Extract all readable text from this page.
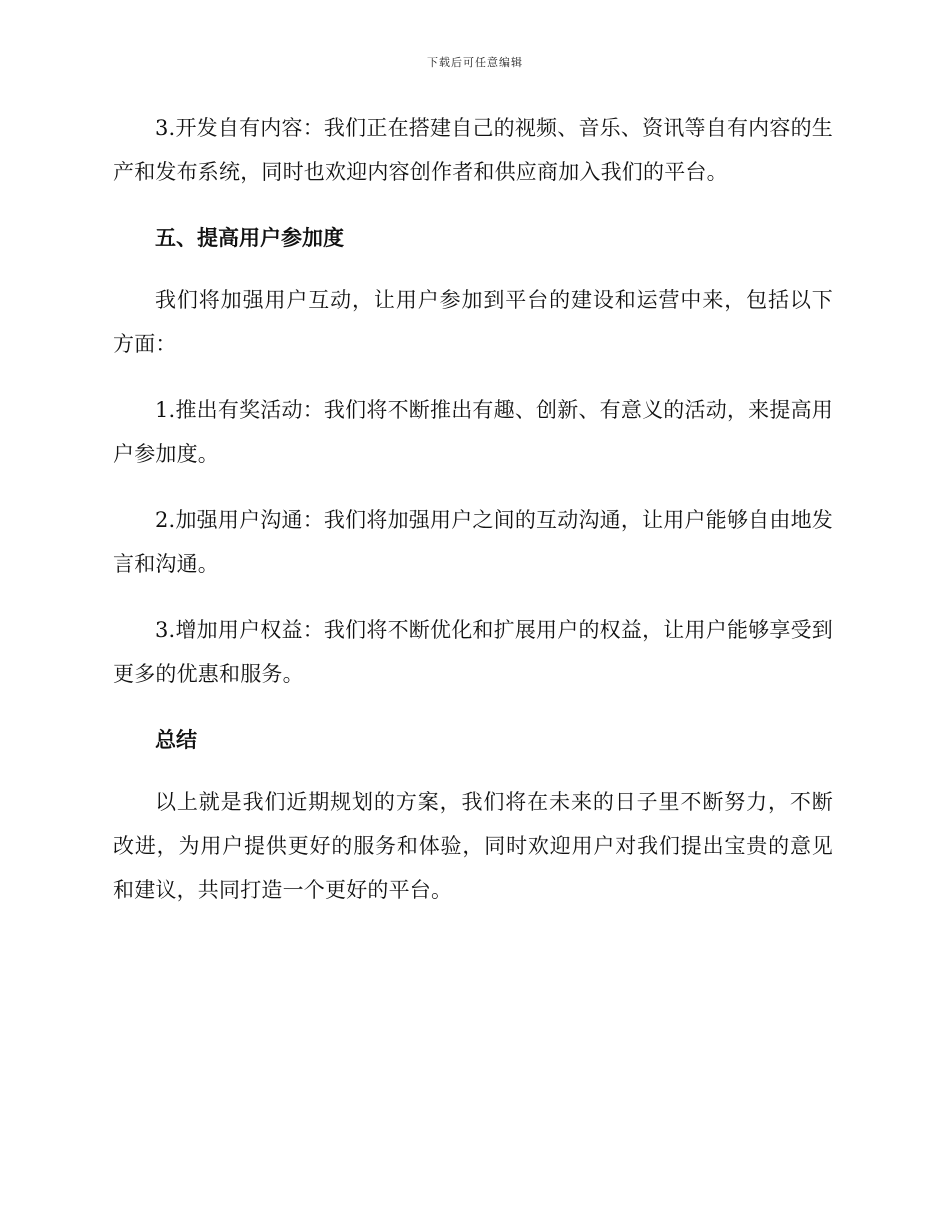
下载后可任意编辑

3.开发自有内容：我们正在搭建自己的视频、音乐、资讯等自有内容的生产和发布系统，同时也欢迎内容创作者和供应商加入我们的平台。

五、提高用户参加度

我们将加强用户互动，让用户参加到平台的建设和运营中来，包括以下方面：

1.推出有奖活动：我们将不断推出有趣、创新、有意义的活动，来提高用户参加度。

2.加强用户沟通：我们将加强用户之间的互动沟通，让用户能够自由地发言和沟通。

3.增加用户权益：我们将不断优化和扩展用户的权益，让用户能够享受到更多的优惠和服务。

总结

以上就是我们近期规划的方案，我们将在未来的日子里不断努力，不断改进，为用户提供更好的服务和体验，同时欢迎用户对我们提出宝贵的意见和建议，共同打造一个更好的平台。
